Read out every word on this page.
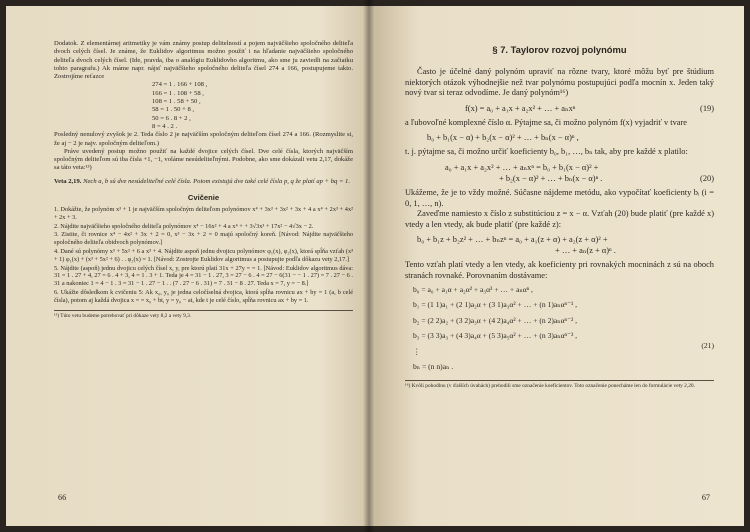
Dodatok. Z elementárnej aritmetiky je vám známy postup delitelností a pojem najväčšieho spoločného deliteľa dvoch celých čísel. Je známe, že Euklidov algoritmus možno použiť i na hľadanie najväčšieho spoločného deliteľa dvoch celých čísel. (Ide, pravda, iba o analógiu Euklidovho algoritmu, ako sme ju zaviedli na začiatku tohto paragrafu.) Ak máme napr. nájsť najväčšieho spoločného deliteľa čísel 274 a 166, postupujeme takto. Zostrojíme reťazce

274 = 1 . 166 + 108 ,
166 = 1 . 108 + 58 ,
108 = 1 . 58 + 50 ,
58 = 1 . 50 + 8 ,
50 = 6 . 8 + 2 ,
8 = 4 . 2 .

Posledný nenulový zvyšok je 2. Teda číslo 2 je najväčším spoločným deliteľom čísel 274 a 166. (Rozmyslite si, že aj − 2 je najv. spoločným deliteľom.)

Práve uvedený postup možno použiť na každé dvojice celých čísel. Dve celé čísla, ktorých najväčším spoločným deliteľom sú iba čísla +1, −1, voláme nesúdeliteľnými. Podobne, ako sme dokázali vetu 2,17, dokáže sa táto veta:¹³)

Veta 2,19. Nech a, b sú dve nesúdeliteľné celé čísla. Potom existujú dve také celé čísla p, q že platí ap + bq = 1.

Cvičenie

1. Dokážte, že polynóm x³ + 1 je najväčším spoločným deliteľom polynómov x⁴ + 3x³ + 3x² + 3x + 4 a x⁴ + 2x³ + 4x² + 2x + 3.

2. Nájdite najväčšieho spoločného deliteľa polynómov x⁴ − 16x² + 4 a x⁴ + + 3√3x³ + 17x² − 4√3x − 2.

3. Zistite, či rovnice x⁴ − 4x² + 3x + 2 = 0, x³ − 3x + 2 = 0 majú spoločný koreň. [Návod: Nájdite najväčšieho spoločného deliteľa obidvoch polynómov.]

4. Dané sú polynómy x³ + 5x² + 6 a x³ + 4. Nájdite aspoň jednu dvojicu polynómov φ₁(x), φ₂(x), ktorá spĺňa vzťah (x³ + 1) φ₁(x) + (x³ + 5x² + 6) . . φ₂(x) = 1. [Návod: Zostrojte Euklidov algoritmus a postupujte podľa dôkazu vety 2,17.]

5. Nájdite (aspoň) jednu dvojicu celých čísel x, y, pre ktorú platí 31x + 27y = = 1. [Návod: Euklidov algoritmus dáva: 31 = 1 . 27 + 4, 27 = 6 . 4 + 3, 4 = 1 . 3 + 1. Teda je 4 = 31 − 1 . 27, 3 = 27 − 6 . 4 = 27 − 6(31 − − 1 . 27) = 7 . 27 − 6 . 31 a nakoniec 1 = 4 − 1 . 3 = 31 − 1 . 27 − 1 . . (7 . 27 − 6 . 31) = 7 . 31 − 8 . 27. Teda x = 7, y = − 8.]

6. Ukážte dôsledkom k cvičeniu 5: Ak x₀, y₀ je jedna celočíselná dvojica, ktorá spĺňa rovnicu ax + by = 1 (a, b celé čísla), potom aj každá dvojica x = = x₀ + bt, y = y₀ − at, kde t je celé číslo, spĺňa rovnicu ax + by = 1.

¹³) Túto vetu budeme potrebovať pri dôkaze vety 8,2 a vety 9,3.

66
§ 7. Taylorov rozvoj polynómu

Často je účelné daný polynóm upraviť na rôzne tvary, ktoré môžu byť pre štúdium niektorých otázok výhodnejšie než tvar polynómu postupujúci podľa mocnín x. Jeden taký nový tvar si teraz odvodíme. Je daný polynóm¹⁶)

f(x) = a₀ + a₁x + a₂x² + … + aₙxⁿ	(19)

a ľubovoľné komplexné číslo α. Pýtajme sa, či možno polynóm f(x) vyjadriť v tvare

b₀ + b₁(x − α) + b₂(x − α)² + … + bₙ(x − α)ⁿ ,

t. j. pýtajme sa, či možno určiť koeficienty b₀, b₁, …, bₙ tak, aby pre každé x platilo:

a₀ + a₁x + a₂x² + … + aₙxⁿ = b₀ + b₁(x − α)² +
+ b₂(x − α)² + … + bₙ(x − α)ⁿ .	(20)

Ukážeme, že je to vždy možné. Súčasne nájdeme metódu, ako vypočítať koeficienty bᵢ (i = 0, 1, …, n).

Zaveďme namiesto x číslo z substitúciou z = x − α. Vzťah (20) bude platiť (pre každé x) vtedy a len vtedy, ak bude platiť (pre každé z):

b₀ + b₁z + b₂z² + … + bₙzⁿ = a₀ + a₁(z + α) + a₂(z + α)² +
+ … + aₙ(z + α)ⁿ .

Tento vzťah platí vtedy a len vtedy, ak koeficienty pri rovnakých mocninách z sú na oboch stranách rovnaké. Porovnaním dostávame:

b₀ = a₀ + a₁α + a₂α² + a₃α³ + … + aₙαⁿ ,
b₁ = (1 1)a₁ + (2 1)a₂α + (3 1)a₃α² + … + (n 1)aₙαⁿ⁻¹ ,
b₂ = (2 2)a₂ + (3 2)a₃α + (4 2)a₄α² + … + (n 2)aₙαⁿ⁻² ,
b₃ = (3 3)a₃ + (4 3)a₄α + (5 3)a₅α² + … + (n 3)aₙαⁿ⁻³ ,
⋮
bₙ = (n n)aₙ .
(21)

¹⁶) Kvôli pohodlnu (v ďalších úvahách) prehodili sme označenie koeficientov. Toto označenie ponecháme len do formulácie vety 2,20.

67
